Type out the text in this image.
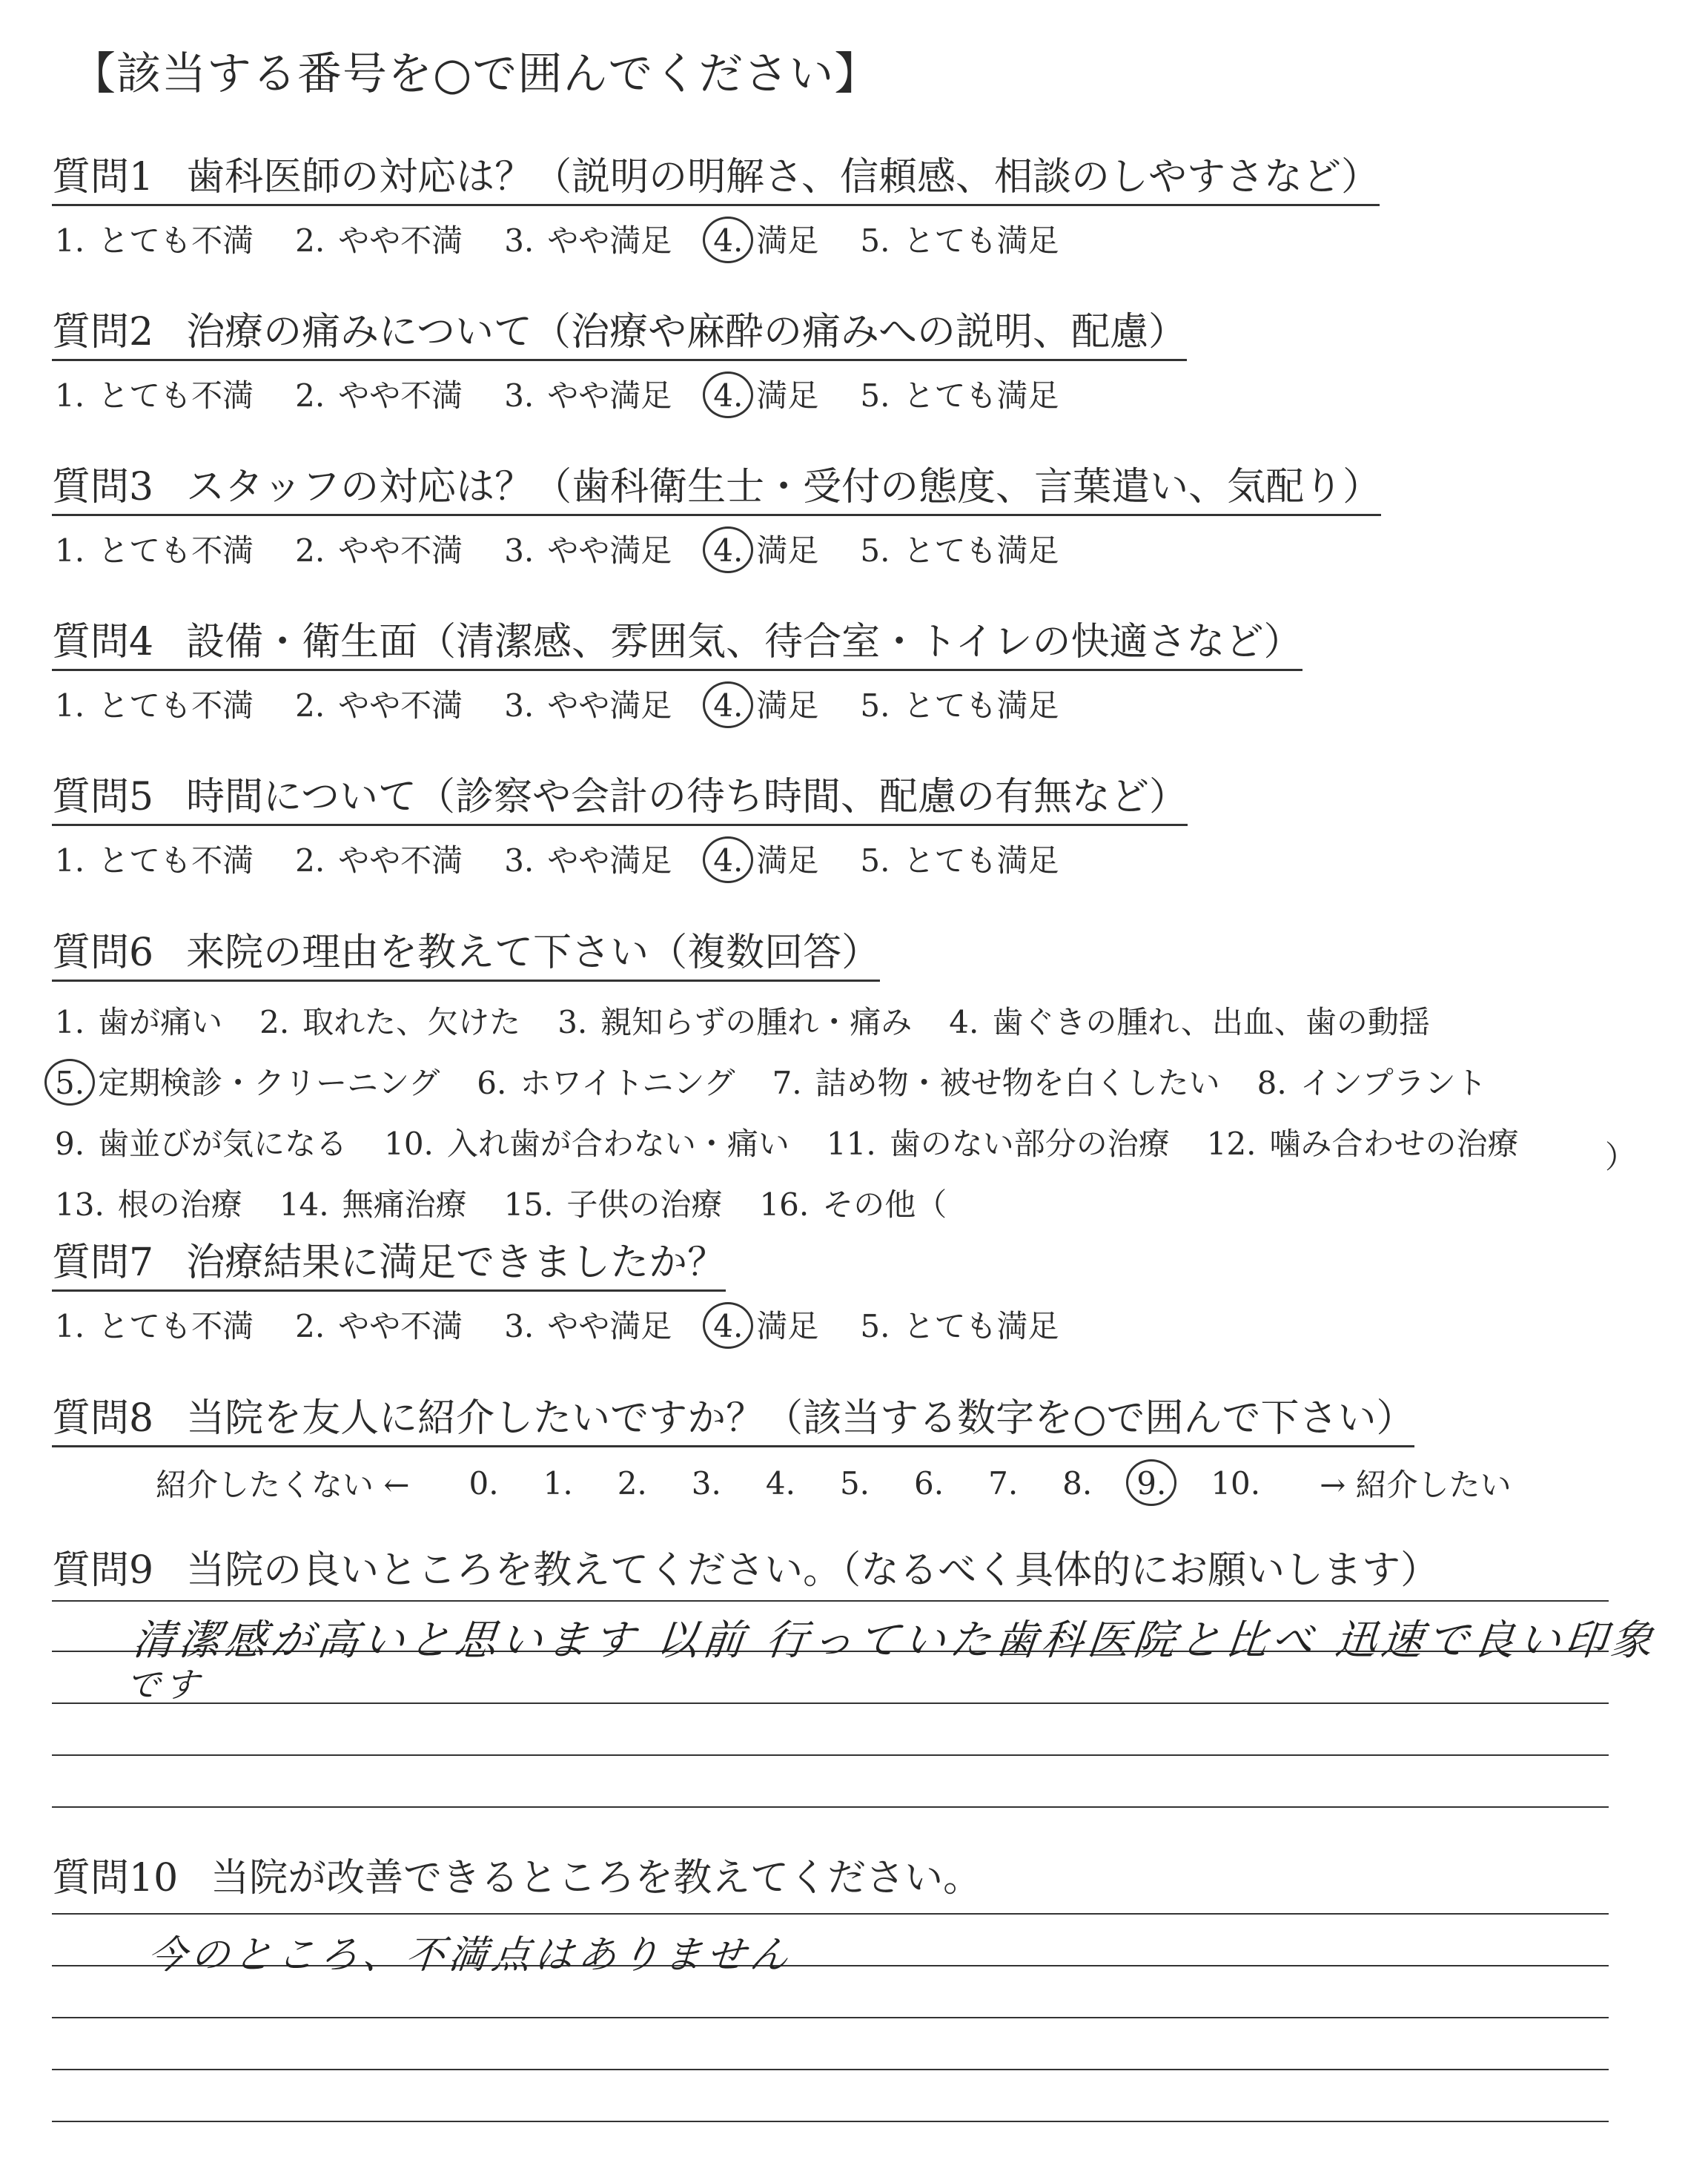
【該当する番号を○で囲んでください】
質問1 歯科医師の対応は？（説明の明解さ、信頼感、相談のしやすさなど）
1. とても不満 2. やや不満 3. やや満足 4. 満足 5. とても満足
質問2 治療の痛みについて（治療や麻酔の痛みへの説明、配慮）
1. とても不満 2. やや不満 3. やや満足 4. 満足 5. とても満足
質問3 スタッフの対応は？（歯科衛生士・受付の態度、言葉遣い、気配り）
1. とても不満 2. やや不満 3. やや満足 4. 満足 5. とても満足
質問4 設備・衛生面（清潔感、雰囲気、待合室・トイレの快適さなど）
1. とても不満 2. やや不満 3. やや満足 4. 満足 5. とても満足
質問5 時間について（診察や会計の待ち時間、配慮の有無など）
1. とても不満 2. やや不満 3. やや満足 4. 満足 5. とても満足
質問6 来院の理由を教えて下さい（複数回答）
1. 歯が痛い 2. 取れた、欠けた 3. 親知らずの腫れ・痛み 4. 歯ぐきの腫れ、出血、歯の動揺
5. 定期検診・クリーニング 6. ホワイトニング 7. 詰め物・被せ物を白くしたい 8. インプラント
9. 歯並びが気になる 10. 入れ歯が合わない・痛い 11. 歯のない部分の治療 12. 噛み合わせの治療
13. 根の治療 14. 無痛治療 15. 子供の治療 16. その他（
）
質問7 治療結果に満足できましたか？
1. とても不満 2. やや不満 3. やや満足 4. 満足 5. とても満足
質問8 当院を友人に紹介したいですか？（該当する数字を○で囲んで下さい）
紹介したくない ← 0. 1. 2. 3. 4. 5. 6. 7. 8. 9. 10. → 紹介したい
質問9 当院の良いところを教えてください。（なるべく具体的にお願いします）
清潔感が高いと思います 以前 行っていた歯科医院と比べ 迅速で良い印象
です
質問10 当院が改善できるところを教えてください。
今のところ、不満点はありません
